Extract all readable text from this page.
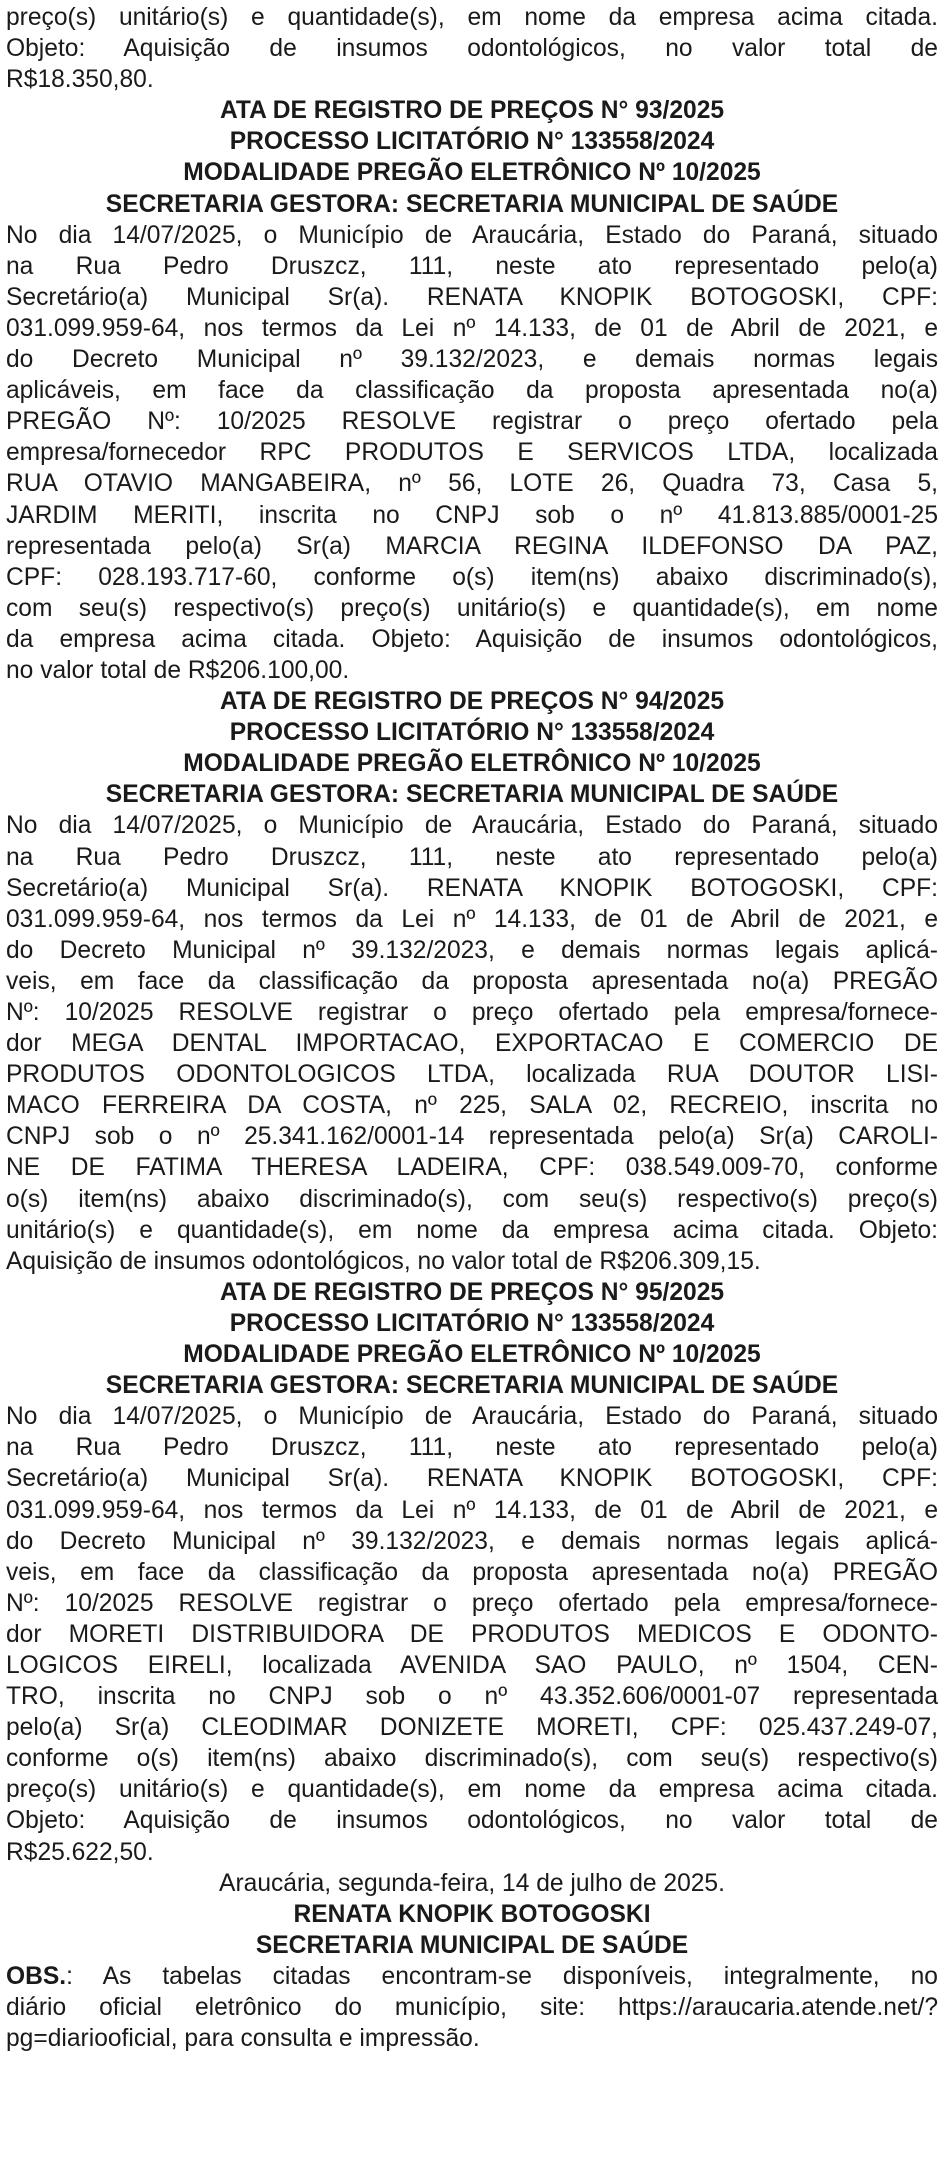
preço(s) unitário(s) e quantidade(s), em nome da empresa acima citada.
Objeto: Aquisição de insumos odontológicos, no valor total de
R$18.350,80.

ATA DE REGISTRO DE PREÇOS N° 93/2025
PROCESSO LICITATÓRIO N° 133558/2024
MODALIDADE PREGÃO ELETRÔNICO Nº 10/2025
SECRETARIA GESTORA: SECRETARIA MUNICIPAL DE SAÚDE

No dia 14/07/2025, o Município de Araucária, Estado do Paraná, situado
na Rua Pedro Druszcz, 111, neste ato representado pelo(a)
Secretário(a) Municipal Sr(a). RENATA KNOPIK BOTOGOSKI, CPF:
031.099.959-64, nos termos da Lei nº 14.133, de 01 de Abril de 2021, e
do Decreto Municipal nº 39.132/2023, e demais normas legais
aplicáveis, em face da classificação da proposta apresentada no(a)
PREGÃO Nº: 10/2025 RESOLVE registrar o preço ofertado pela
empresa/fornecedor RPC PRODUTOS E SERVICOS LTDA, localizada
RUA OTAVIO MANGABEIRA, nº 56, LOTE 26, Quadra 73, Casa 5,
JARDIM MERITI, inscrita no CNPJ sob o nº 41.813.885/0001-25
representada pelo(a) Sr(a) MARCIA REGINA ILDEFONSO DA PAZ,
CPF: 028.193.717-60, conforme o(s) item(ns) abaixo discriminado(s),
com seu(s) respectivo(s) preço(s) unitário(s) e quantidade(s), em nome
da empresa acima citada. Objeto: Aquisição de insumos odontológicos,
no valor total de R$206.100,00.

ATA DE REGISTRO DE PREÇOS N° 94/2025
PROCESSO LICITATÓRIO N° 133558/2024
MODALIDADE PREGÃO ELETRÔNICO Nº 10/2025
SECRETARIA GESTORA: SECRETARIA MUNICIPAL DE SAÚDE

No dia 14/07/2025, o Município de Araucária, Estado do Paraná, situado
na Rua Pedro Druszcz, 111, neste ato representado pelo(a)
Secretário(a) Municipal Sr(a). RENATA KNOPIK BOTOGOSKI, CPF:
031.099.959-64, nos termos da Lei nº 14.133, de 01 de Abril de 2021, e
do Decreto Municipal nº 39.132/2023, e demais normas legais aplicá-
veis, em face da classificação da proposta apresentada no(a) PREGÃO
Nº: 10/2025 RESOLVE registrar o preço ofertado pela empresa/fornece-
dor MEGA DENTAL IMPORTACAO, EXPORTACAO E COMERCIO DE
PRODUTOS ODONTOLOGICOS LTDA, localizada RUA DOUTOR LISI-
MACO FERREIRA DA COSTA, nº 225, SALA 02, RECREIO, inscrita no
CNPJ sob o nº 25.341.162/0001-14 representada pelo(a) Sr(a) CAROLI-
NE DE FATIMA THERESA LADEIRA, CPF: 038.549.009-70, conforme
o(s) item(ns) abaixo discriminado(s), com seu(s) respectivo(s) preço(s)
unitário(s) e quantidade(s), em nome da empresa acima citada. Objeto:
Aquisição de insumos odontológicos, no valor total de R$206.309,15.

ATA DE REGISTRO DE PREÇOS N° 95/2025
PROCESSO LICITATÓRIO N° 133558/2024
MODALIDADE PREGÃO ELETRÔNICO Nº 10/2025
SECRETARIA GESTORA: SECRETARIA MUNICIPAL DE SAÚDE

No dia 14/07/2025, o Município de Araucária, Estado do Paraná, situado
na Rua Pedro Druszcz, 111, neste ato representado pelo(a)
Secretário(a) Municipal Sr(a). RENATA KNOPIK BOTOGOSKI, CPF:
031.099.959-64, nos termos da Lei nº 14.133, de 01 de Abril de 2021, e
do Decreto Municipal nº 39.132/2023, e demais normas legais aplicá-
veis, em face da classificação da proposta apresentada no(a) PREGÃO
Nº: 10/2025 RESOLVE registrar o preço ofertado pela empresa/fornece-
dor MORETI DISTRIBUIDORA DE PRODUTOS MEDICOS E ODONTO-
LOGICOS EIRELI, localizada AVENIDA SAO PAULO, nº 1504, CEN-
TRO, inscrita no CNPJ sob o nº 43.352.606/0001-07 representada
pelo(a) Sr(a) CLEODIMAR DONIZETE MORETI, CPF: 025.437.249-07,
conforme o(s) item(ns) abaixo discriminado(s), com seu(s) respectivo(s)
preço(s) unitário(s) e quantidade(s), em nome da empresa acima citada.
Objeto: Aquisição de insumos odontológicos, no valor total de
R$25.622,50.

Araucária, segunda-feira, 14 de julho de 2025.
RENATA KNOPIK BOTOGOSKI
SECRETARIA MUNICIPAL DE SAÚDE

OBS.: As tabelas citadas encontram-se disponíveis, integralmente, no
diário oficial eletrônico do município, site: https://araucaria.atende.net/?
pg=diariooficial, para consulta e impressão.
